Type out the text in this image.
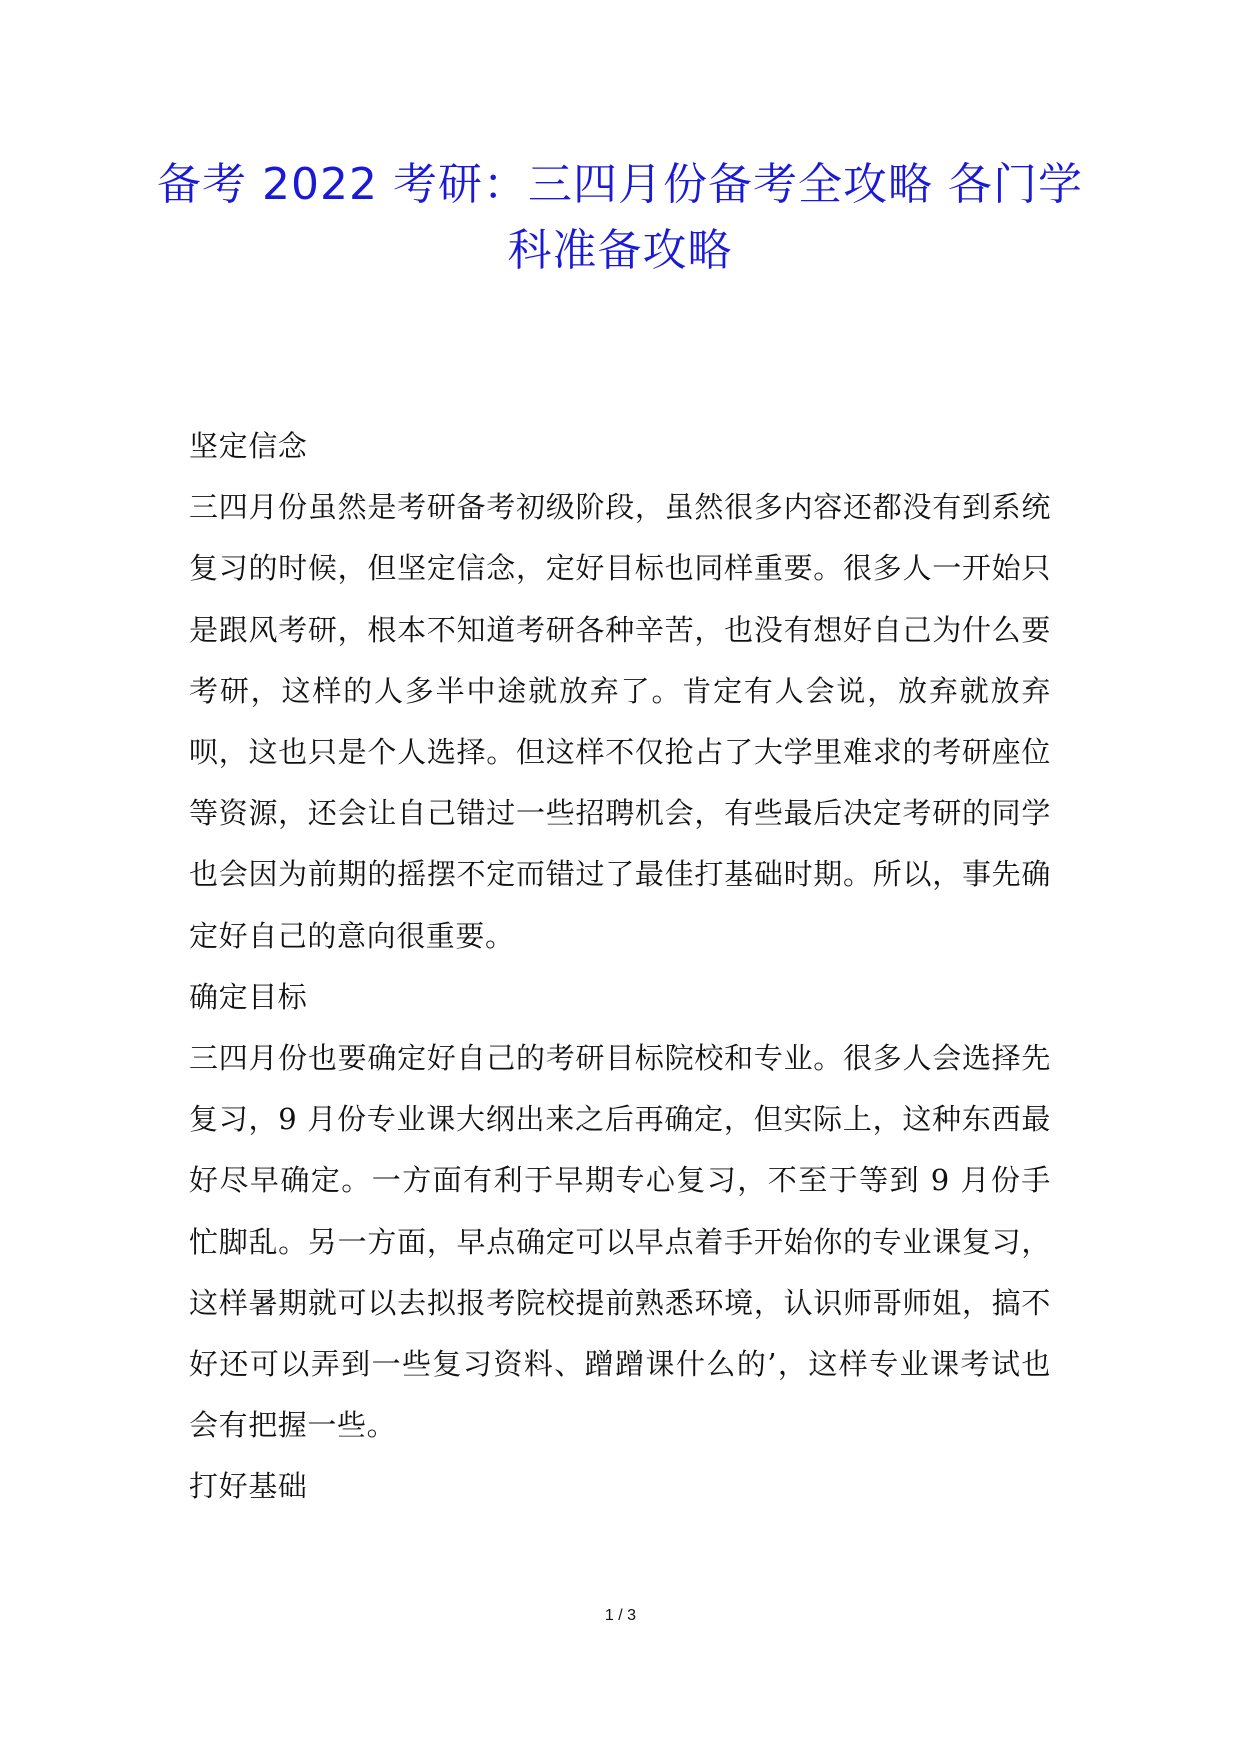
备考 2022 考研：三四月份备考全攻略 各门学科准备攻略

坚定信念

三四月份虽然是考研备考初级阶段，虽然很多内容还都没有到系统复习的时候，但坚定信念，定好目标也同样重要。很多人一开始只是跟风考研，根本不知道考研各种辛苦，也没有想好自己为什么要考研，这样的人多半中途就放弃了。肯定有人会说，放弃就放弃呗，这也只是个人选择。但这样不仅抢占了大学里难求的考研座位等资源，还会让自己错过一些招聘机会，有些最后决定考研的同学也会因为前期的摇摆不定而错过了最佳打基础时期。所以，事先确定好自己的意向很重要。

确定目标

三四月份也要确定好自己的考研目标院校和专业。很多人会选择先复习，9 月份专业课大纲出来之后再确定，但实际上，这种东西最好尽早确定。一方面有利于早期专心复习，不至于等到 9 月份手忙脚乱。另一方面，早点确定可以早点着手开始你的专业课复习，这样暑期就可以去拟报考院校提前熟悉环境，认识师哥师姐，搞不好还可以弄到一些复习资料、蹭蹭课什么的’，这样专业课考试也会有把握一些。

打好基础

1 / 3
